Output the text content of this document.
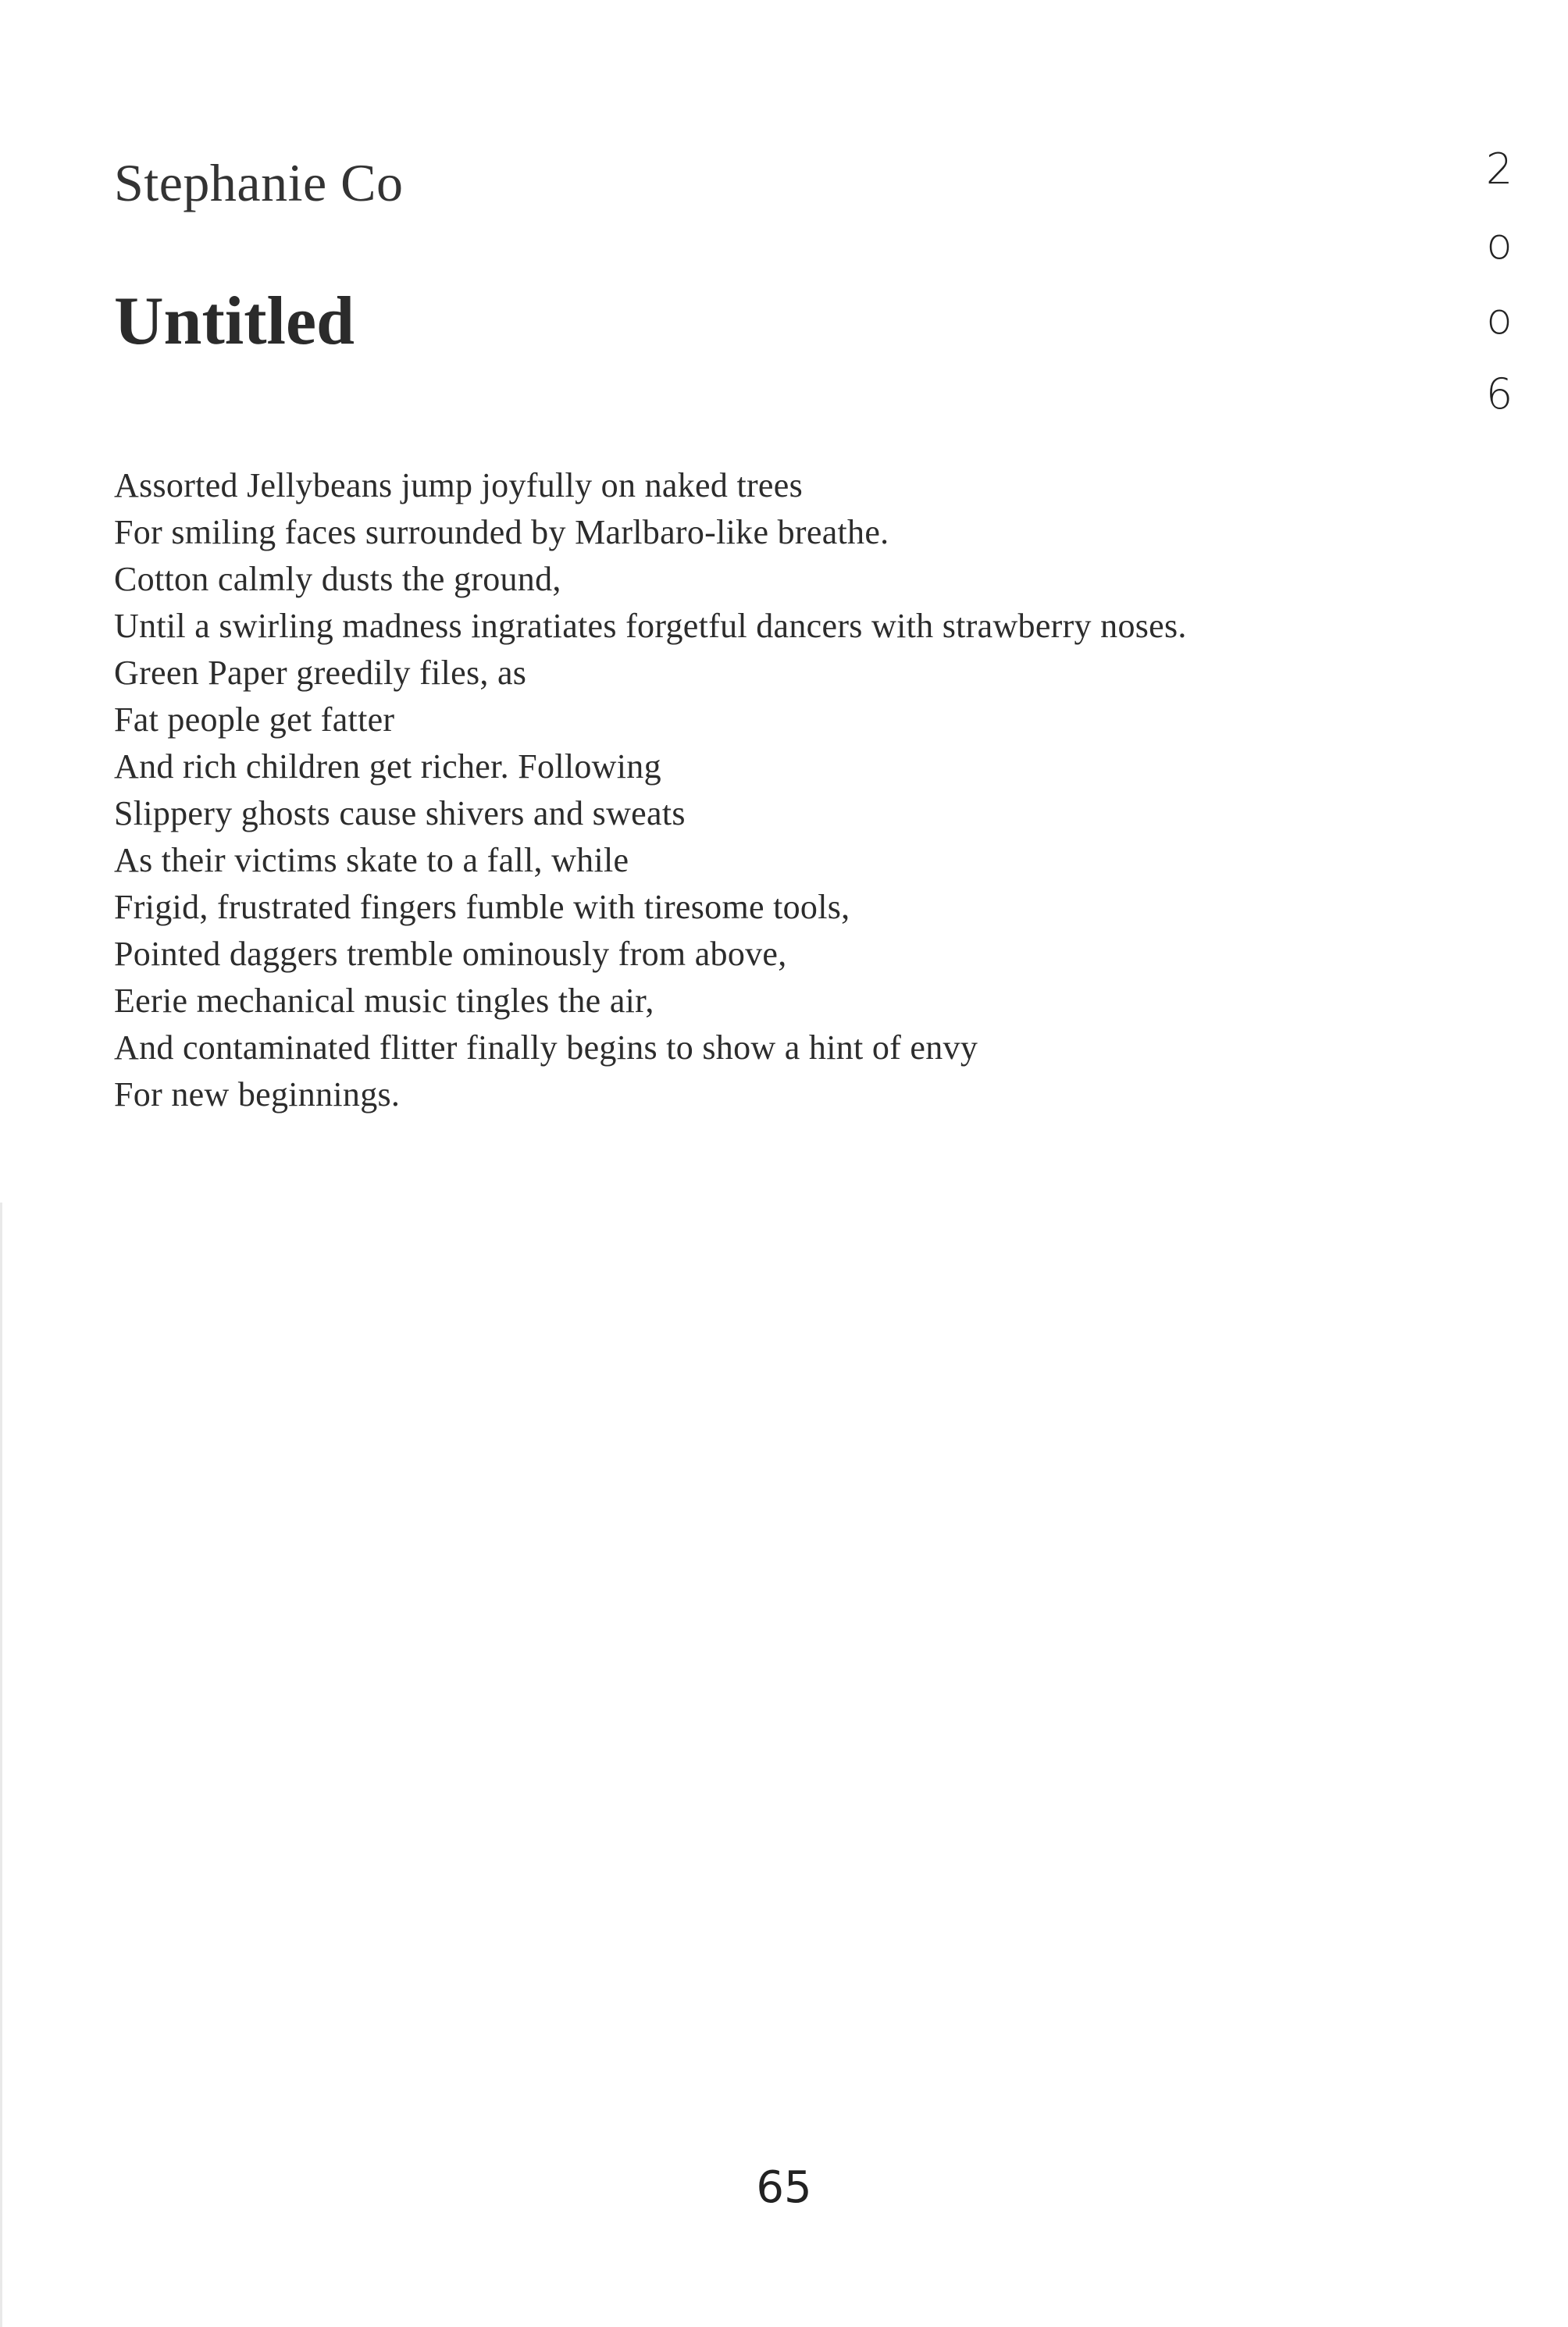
Stephanie Co
Untitled
Assorted Jellybeans jump joyfully on naked trees
For smiling faces surrounded by Marlbaro-like breathe.
Cotton calmly dusts the ground,
Until a swirling madness ingratiates forgetful dancers with strawberry noses.
Green Paper greedily files, as
Fat people get fatter
And rich children get richer. Following
Slippery ghosts cause shivers and sweats
As their victims skate to a fall, while
Frigid, frustrated fingers fumble with tiresome tools,
Pointed daggers tremble ominously from above,
Eerie mechanical music tingles the air,
And contaminated flitter finally begins to show a hint of envy
For new beginnings.
2
o
o
6
65
